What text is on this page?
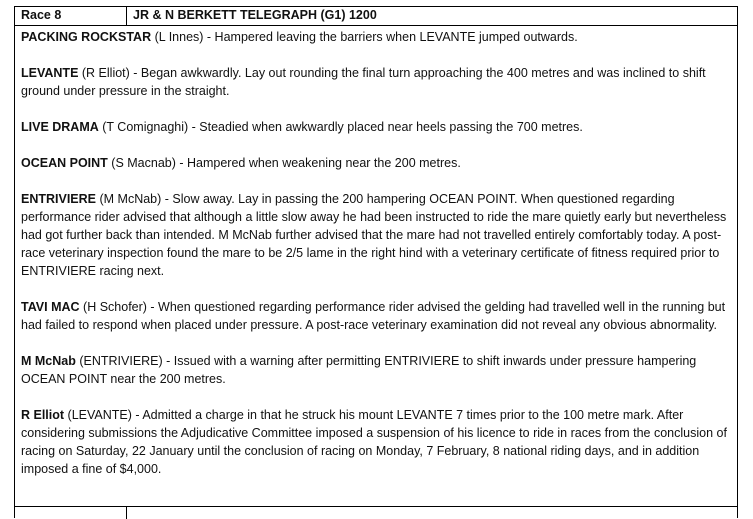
Race 8	JR & N BERKETT TELEGRAPH (G1) 1200

PACKING ROCKSTAR (L Innes) - Hampered leaving the barriers when LEVANTE jumped outwards.

LEVANTE (R Elliot) - Began awkwardly. Lay out rounding the final turn approaching the 400 metres and was inclined to shift ground under pressure in the straight.

LIVE DRAMA (T Comignaghi) - Steadied when awkwardly placed near heels passing the 700 metres.

OCEAN POINT (S Macnab) - Hampered when weakening near the 200 metres.

ENTRIVIERE (M McNab) - Slow away. Lay in passing the 200 hampering OCEAN POINT. When questioned regarding performance rider advised that although a little slow away he had been instructed to ride the mare quietly early but nevertheless had got further back than intended. M McNab further advised that the mare had not travelled entirely comfortably today. A post-race veterinary inspection found the mare to be 2/5 lame in the right hind with a veterinary certificate of fitness required prior to ENTRIVIERE racing next.

TAVI MAC (H Schofer) - When questioned regarding performance rider advised the gelding had travelled well in the running but had failed to respond when placed under pressure. A post-race veterinary examination did not reveal any obvious abnormality.

M McNab (ENTRIVIERE) - Issued with a warning after permitting ENTRIVIERE to shift inwards under pressure hampering OCEAN POINT near the 200 metres.

R Elliot (LEVANTE) - Admitted a charge in that he struck his mount LEVANTE 7 times prior to the 100 metre mark. After considering submissions the Adjudicative Committee imposed a suspension of his licence to ride in races from the conclusion of racing on Saturday, 22 January until the conclusion of racing on Monday, 7 February, 8 national riding days, and in addition imposed a fine of $4,000.
